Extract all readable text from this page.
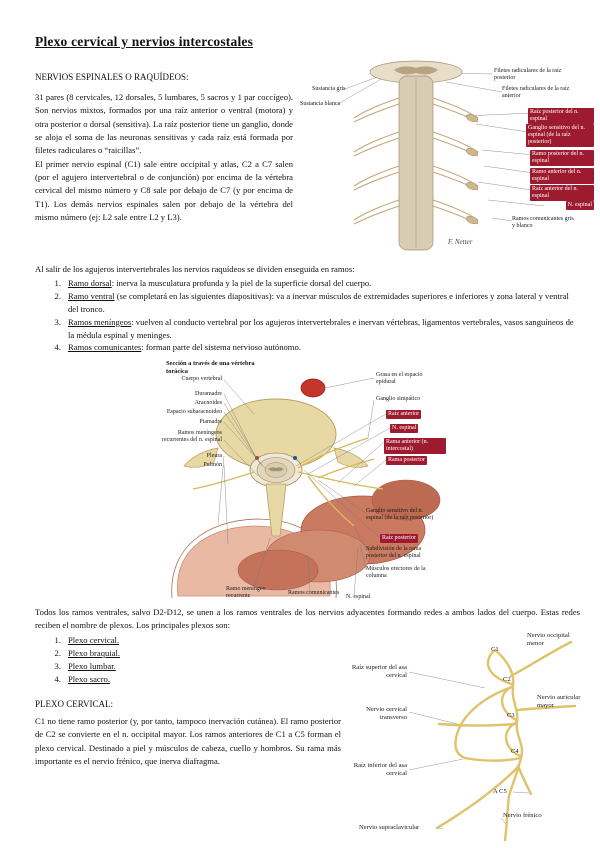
Plexo cervical y nervios intercostales
NERVIOS ESPINALES O RAQUÍDEOS:

31 pares (8 cervicales, 12 dorsales, 5 lumbares, 5 sacros y 1 par coccígeo). Son nervios mixtos, formados por una raíz anterior o ventral (motora) y otra posterior o dorsal (sensitiva). La raíz posterior tiene un ganglio, donde se aloja el soma de las neuronas sensitivas y cada raíz está formada por filetes radiculares o “raicillas”.

El primer nervio espinal (C1) sale entre occipital y atlas, C2 a C7 salen (por el agujero intervertebral o de conjunción) por encima de la vértebra cervical del mismo número y C8 sale por debajo de C7 (y por encima de T1). Los demás nervios espinales salen por debajo de la vértebra del mismo número (ej: L2 sale entre L2 y L3).

Sustancia gris
Sustancia blanca
Filetes radiculares de la raíz posterior
Filetes radiculares de la raíz anterior
Raíz posterior del n. espinal
Ganglio sensitivo del n. espinal (de la raíz posterior)
Ramo posterior del n. espinal
Ramo anterior del n. espinal
Raíz anterior del n. espinal
N. espinal
Ramos comunicantes gris y blanco
F. Netter
Al salir de los agujeros intervertebrales los nervios raquídeos se dividen enseguida en ramos:
1. Ramo dorsal: inerva la musculatura profunda y la piel de la superficie dorsal del cuerpo.
2. Ramo ventral (se completará en las siguientes diapositivas): va a inervar músculos de extremidades superiores e inferiores y zona lateral y ventral del tronco.
3. Ramos meníngeos: vuelven al conducto vertebral por los agujeros intervertebrales e inervan vértebras, ligamentos vertebrales, vasos sanguíneos de la médula espinal y meninges.
4. Ramos comunicantes: forman parte del sistema nervioso autónomo.
Sección a través de una vértebra torácica
Cuerpo vertebral
Duramadre
Aracnoides
Espacio subaracnoideo
Piamadre
Ramos meníngeos recurrentes del n. espinal
Pleura
Pulmón
Grasa en el espacio epidural
Ganglio simpático
Raíz anterior
N. espinal
Rama anterior (n. intercostal)
Rama posterior
Ganglio sensitivo del n. espinal (de la raíz posterior)
Raíz posterior
Subdivisión de la rama posterior del n. espinal
Músculos erectores de la columna
Ramo meníngeo recurrente
Ramos comunicantes
N. espinal
Todos los ramos ventrales, salvo D2-D12, se unen a los ramos ventrales de los nervios adyacentes formando redes a ambos lados del cuerpo. Estas redes reciben el nombre de plexos. Los principales plexos son:
1. Plexo cervical.
2. Plexo braquial.
3. Plexo lumbar.
4. Plexo sacro.
PLEXO CERVICAL:
C1 no tiene ramo posterior (y, por tanto, tampoco inervación cutánea). El ramo posterior de C2 se convierte en el n. occipital mayor. Los ramos anteriores de C1 a C5 forman el plexo cervical. Destinado a piel y músculos de cabeza, cuello y hombros. Su rama más importante es el nervio frénico, que inerva diafragma.
C1
C2
C3
C4
A C5
Nervio occipital menor
Nervio auricular mayor
Raíz superior del asa cervical
Nervio cervical transverso
Raíz inferior del asa cervical
Nervio frénico
Nervio supraclavicular
